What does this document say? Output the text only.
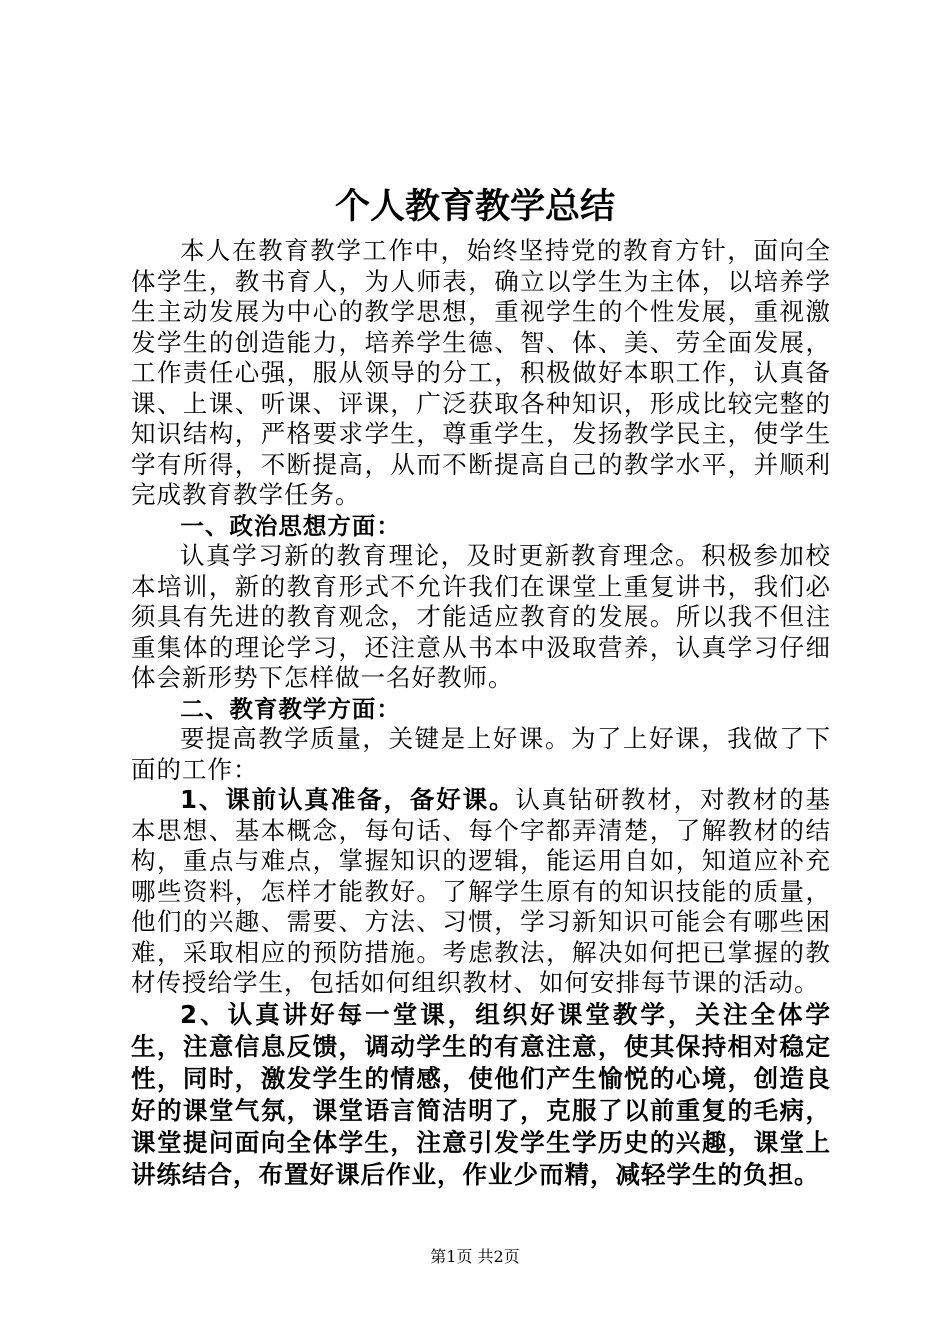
个人教育教学总结

本人在教育教学工作中，始终坚持党的教育方针，面向全体学生，教书育人，为人师表，确立以学生为主体，以培养学生主动发展为中心的教学思想，重视学生的个性发展，重视激发学生的创造能力，培养学生德、智、体、美、劳全面发展，工作责任心强，服从领导的分工，积极做好本职工作，认真备课、上课、听课、评课，广泛获取各种知识，形成比较完整的知识结构，严格要求学生，尊重学生，发扬教学民主，使学生学有所得，不断提高，从而不断提高自己的教学水平，并顺利完成教育教学任务。

一、政治思想方面：

认真学习新的教育理论，及时更新教育理念。积极参加校本培训，新的教育形式不允许我们在课堂上重复讲书，我们必须具有先进的教育观念，才能适应教育的发展。所以我不但注重集体的理论学习，还注意从书本中汲取营养，认真学习仔细体会新形势下怎样做一名好教师。

二、教育教学方面：

要提高教学质量，关键是上好课。为了上好课，我做了下面的工作：

1、课前认真准备，备好课。认真钻研教材，对教材的基本思想、基本概念，每句话、每个字都弄清楚，了解教材的结构，重点与难点，掌握知识的逻辑，能运用自如，知道应补充哪些资料，怎样才能教好。了解学生原有的知识技能的质量，他们的兴趣、需要、方法、习惯，学习新知识可能会有哪些困难，采取相应的预防措施。考虑教法，解决如何把已掌握的教材传授给学生，包括如何组织教材、如何安排每节课的活动。

2、认真讲好每一堂课，组织好课堂教学，关注全体学生，注意信息反馈，调动学生的有意注意，使其保持相对稳定性，同时，激发学生的情感，使他们产生愉悦的心境，创造良好的课堂气氛，课堂语言简洁明了，克服了以前重复的毛病，课堂提问面向全体学生，注意引发学生学历史的兴趣，课堂上讲练结合，布置好课后作业，作业少而精，减轻学生的负担。

第1页 共2页
